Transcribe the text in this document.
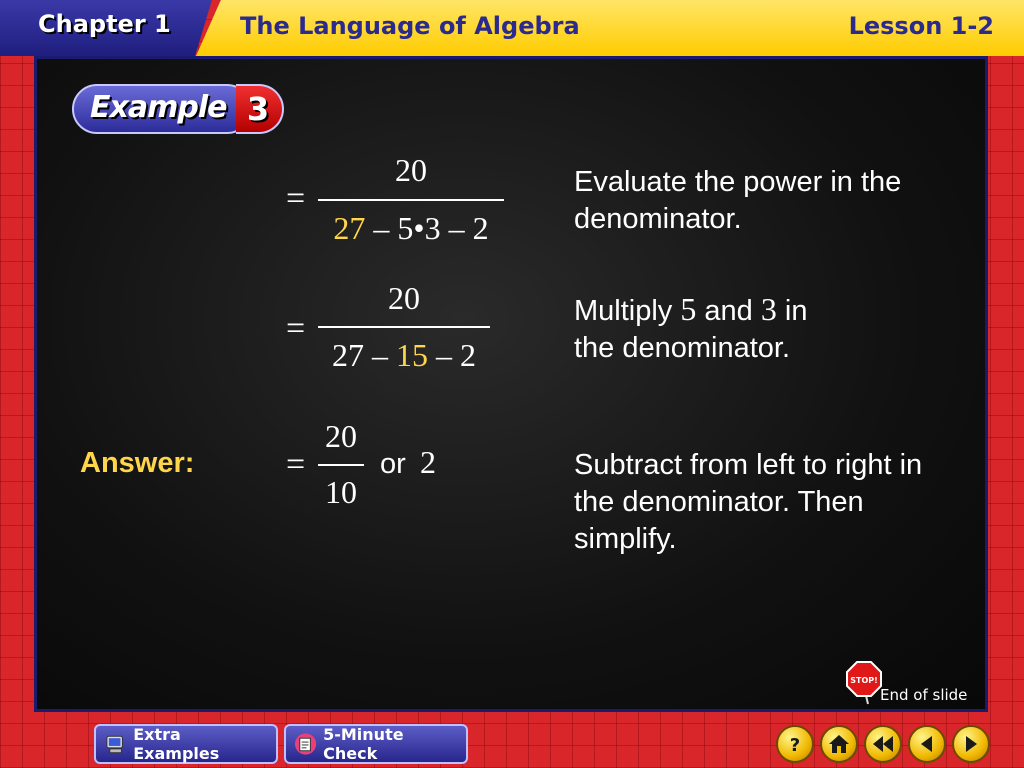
Chapter 1	The Language of Algebra	Lesson 1-2
Example 3
=
20
27 – 5•3 – 2
Evaluate the power in the denominator.
=
20
27 – 15 – 2
Multiply 5 and 3 in
the denominator.
Answer:	=
20
10
or 2	Subtract from left to right in the denominator. Then simplify.
STOP!
End of slide
Extra Examples
5-Minute Check	?
